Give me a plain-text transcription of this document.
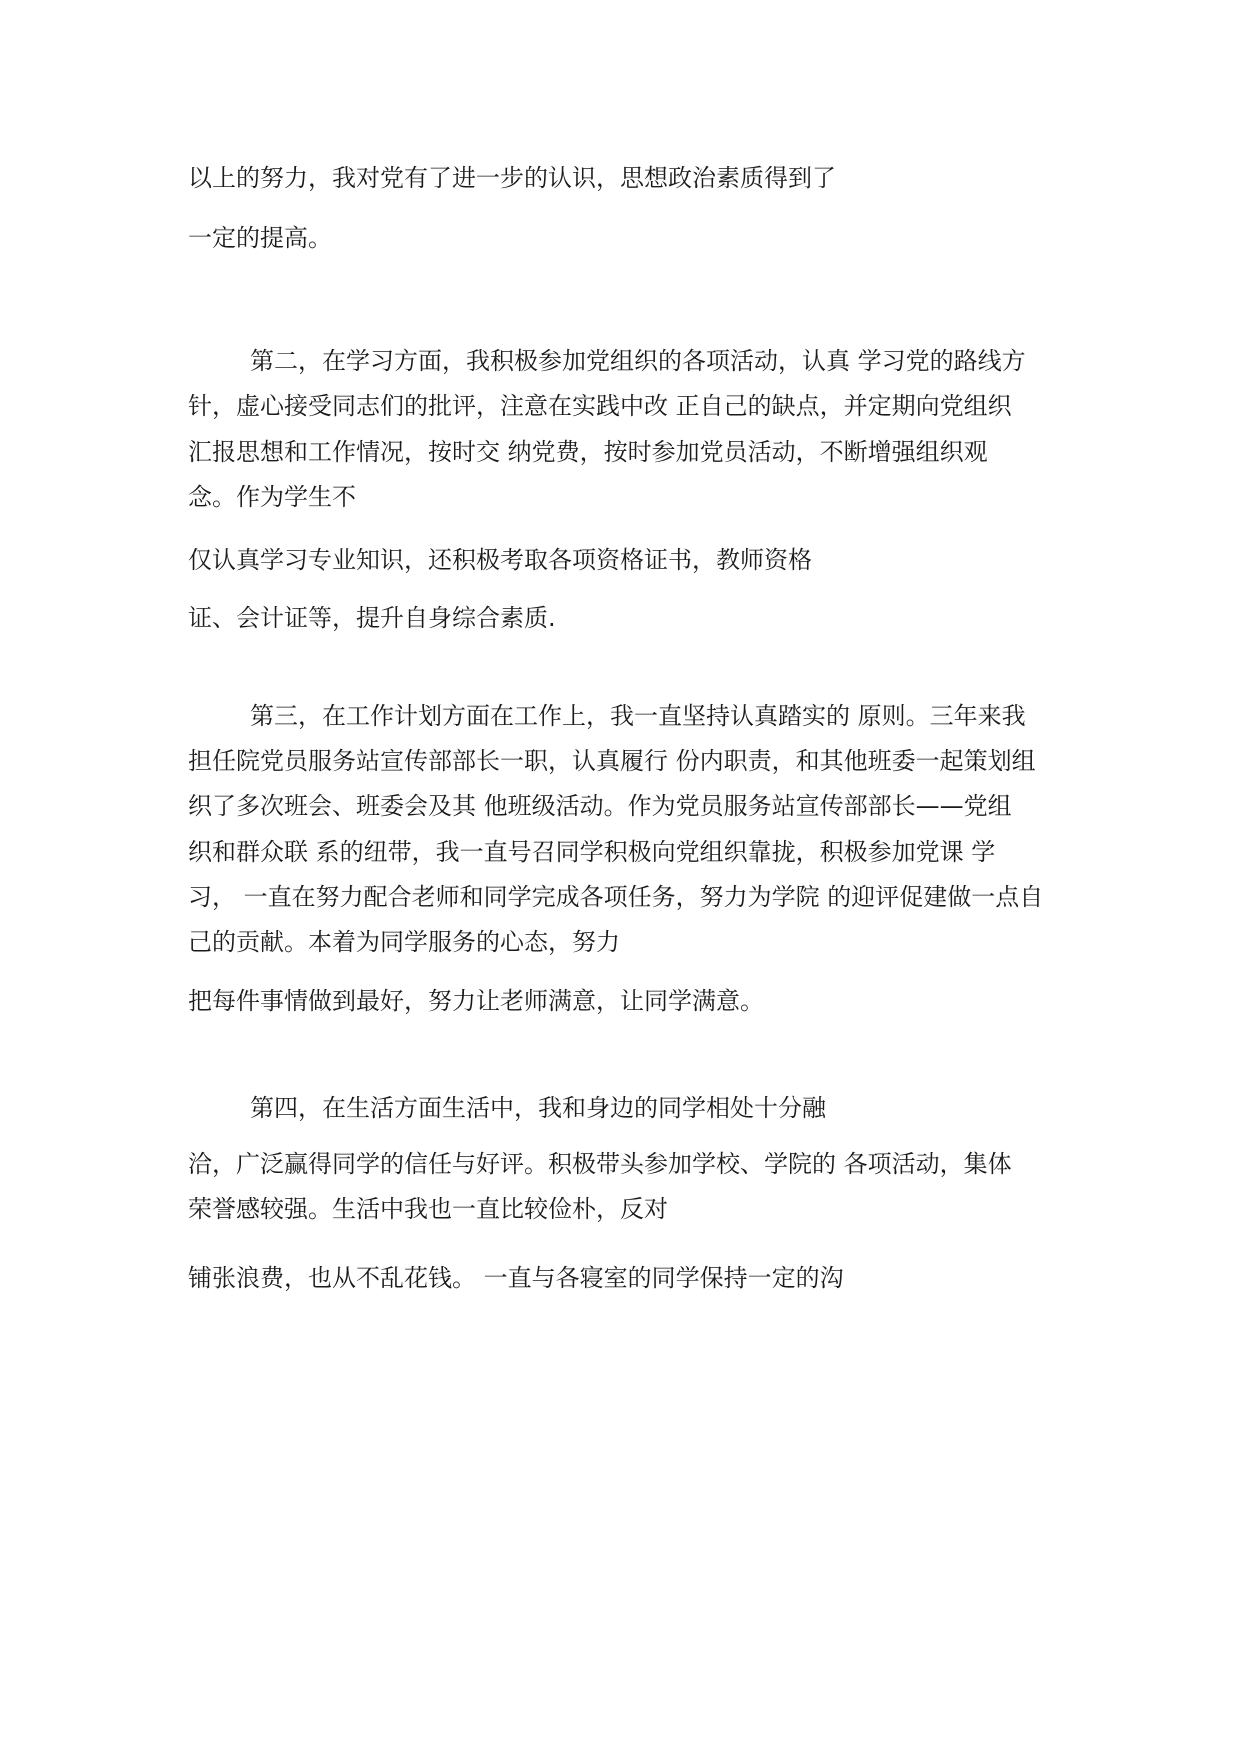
以上的努力，我对党有了进一步的认识，思想政治素质得到了
一定的提高。
第二，在学习方面，我积极参加党组织的各项活动，认真 学习党的路线方
针，虚心接受同志们的批评，注意在实践中改 正自己的缺点，并定期向党组织
汇报思想和工作情况，按时交 纳党费，按时参加党员活动，不断增强组织观
念。作为学生不
仅认真学习专业知识，还积极考取各项资格证书，教师资格
证、会计证等，提升自身综合素质.
第三，在工作计划方面在工作上，我一直坚持认真踏实的 原则。三年来我
担任院党员服务站宣传部部长一职，认真履行 份内职责，和其他班委一起策划组
织了多次班会、班委会及其 他班级活动。作为党员服务站宣传部部长——党组
织和群众联 系的纽带，我一直号召同学积极向党组织靠拢，积极参加党课 学
习， 一直在努力配合老师和同学完成各项任务，努力为学院 的迎评促建做一点自
己的贡献。本着为同学服务的心态，努力
把每件事情做到最好，努力让老师满意，让同学满意。
第四，在生活方面生活中，我和身边的同学相处十分融
洽，广泛赢得同学的信任与好评。积极带头参加学校、学院的 各项活动，集体
荣誉感较强。生活中我也一直比较俭朴，反对
铺张浪费，也从不乱花钱。 一直与各寝室的同学保持一定的沟
